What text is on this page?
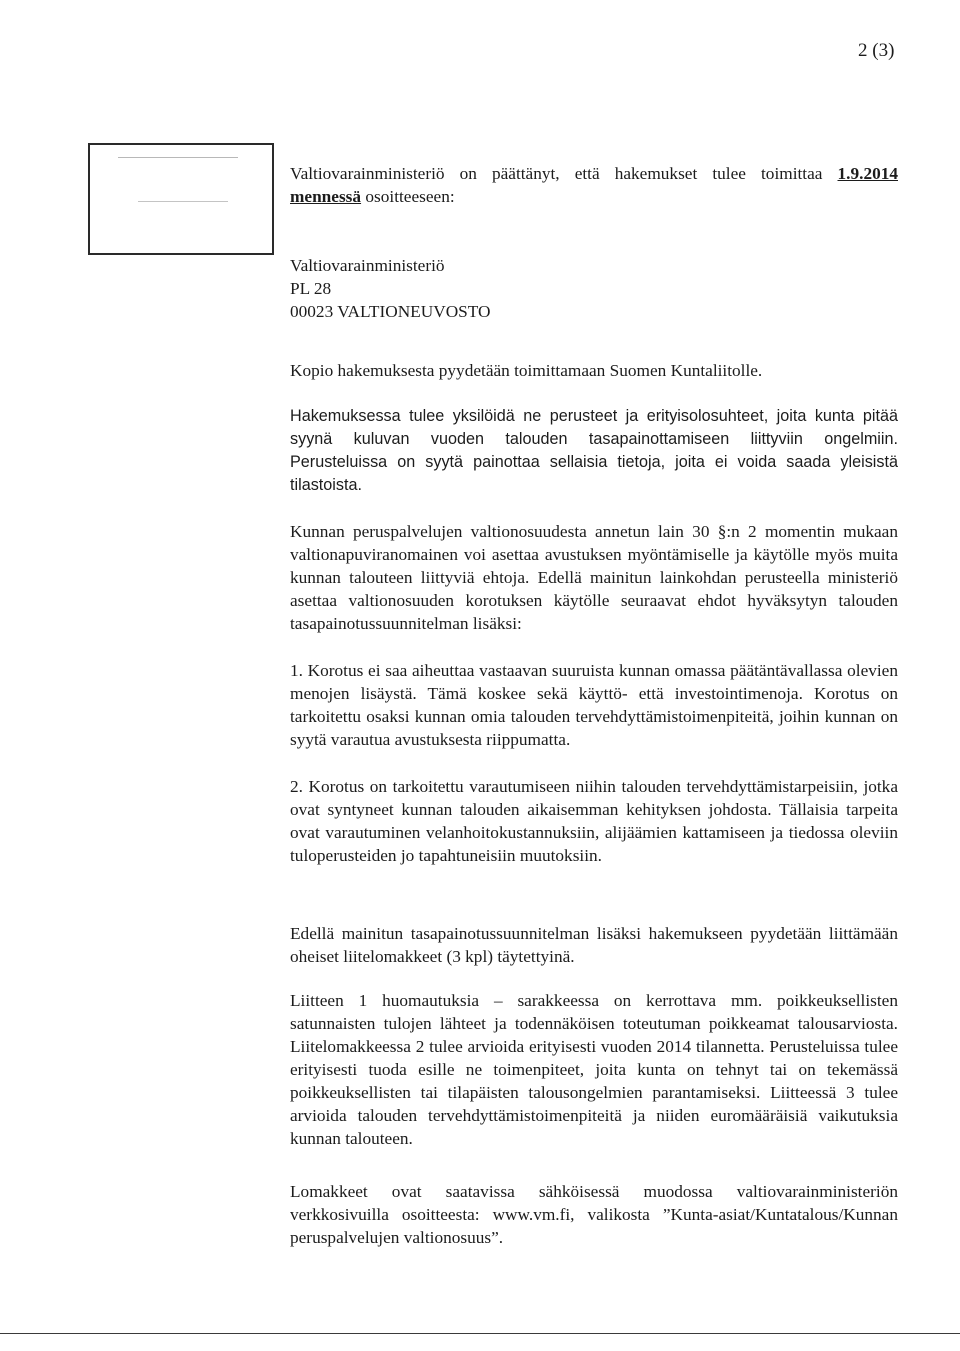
2 (3)

Valtiovarainministeriö on päättänyt, että hakemukset tulee toimittaa 1.9.2014 mennessä osoitteeseen:

Valtiovarainministeriö
PL 28
00023 VALTIONEUVOSTO

Kopio hakemuksesta pyydetään toimittamaan Suomen Kuntaliitolle.

Hakemuksessa tulee yksilöidä ne perusteet ja erityisolosuhteet, joita kunta pitää syynä kuluvan vuoden talouden tasapainottamiseen liittyviin ongelmiin. Perusteluissa on syytä painottaa sellaisia tietoja, joita ei voida saada yleisistä tilastoista.

Kunnan peruspalvelujen valtionosuudesta annetun lain 30 §:n 2 momentin mukaan valtionapuviranomainen voi asettaa avustuksen myöntämiselle ja käytölle myös muita kunnan talouteen liittyviä ehtoja. Edellä mainitun lainkohdan perusteella ministeriö asettaa valtionosuuden korotuksen käytölle seuraavat ehdot hyväksytyn talouden tasapainotussuunnitelman lisäksi:

1. Korotus ei saa aiheuttaa vastaavan suuruista kunnan omassa päätäntävallassa olevien menojen lisäystä. Tämä koskee sekä käyttö- että investointimenoja. Korotus on tarkoitettu osaksi kunnan omia talouden tervehdyttämistoimenpiteitä, joihin kunnan on syytä varautua avustuksesta riippumatta.

2. Korotus on tarkoitettu varautumiseen niihin talouden tervehdyttämistarpeisiin, jotka ovat syntyneet kunnan talouden aikaisemman kehityksen johdosta. Tällaisia tarpeita ovat varautuminen velanhoitokustannuksiin, alijäämien kattamiseen ja tiedossa oleviin tuloperusteiden jo tapahtuneisiin muutoksiin.

Edellä mainitun tasapainotussuunnitelman lisäksi hakemukseen pyydetään liittämään oheiset liitelomakkeet (3 kpl) täytettyinä.

Liitteen 1 huomautuksia – sarakkeessa on kerrottava mm. poikkeuksellisten satunnaisten tulojen lähteet ja todennäköisen toteutuman poikkeamat talousarviosta. Liitelomakkeessa 2 tulee arvioida erityisesti vuoden 2014 tilannetta. Perusteluissa tulee erityisesti tuoda esille ne toimenpiteet, joita kunta on tehnyt tai on tekemässä poikkeuksellisten tai tilapäisten talousongelmien parantamiseksi. Liitteessä 3 tulee arvioida talouden tervehdyttämistoimenpiteitä ja niiden euromääräisiä vaikutuksia kunnan talouteen.

Lomakkeet ovat saatavissa sähköisessä muodossa valtiovarainministeriön verkkosivuilla osoitteesta: www.vm.fi, valikosta ”Kunta-asiat/Kuntatalous/Kunnan peruspalvelujen valtionosuus”.
